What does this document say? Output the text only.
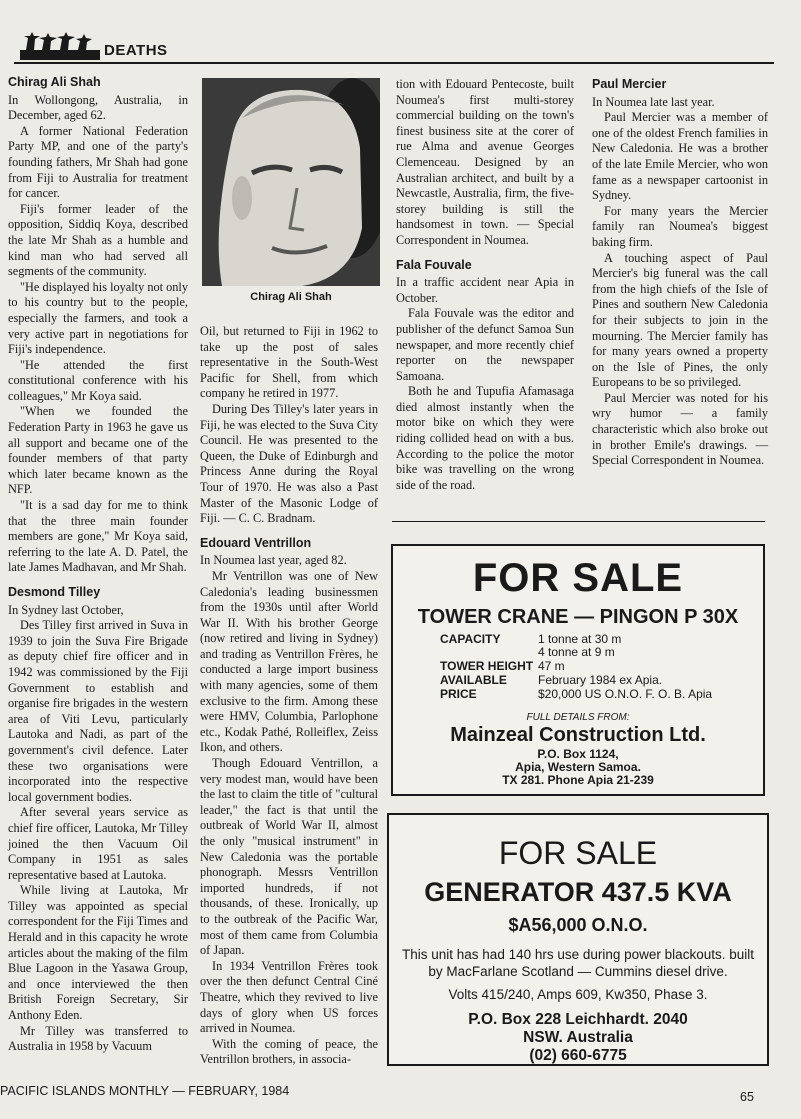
DEATHS
Chirag Ali Shah

In Wollongong, Australia, in December, aged 62.

A former National Federation Party MP, and one of the party's founding fathers, Mr Shah had gone from Fiji to Australia for treatment for cancer.

Fiji's former leader of the opposition, Siddiq Koya, described the late Mr Shah as a humble and kind man who had served all segments of the community.

"He displayed his loyalty not only to his country but to the people, especially the farmers, and took a very active part in negotiations for Fiji's independence.

"He attended the first constitutional conference with his colleagues," Mr Koya said.

"When we founded the Federation Party in 1963 he gave us all support and became one of the founder members of that party which later became known as the NFP.

"It is a sad day for me to think that the three main founder members are gone," Mr Koya said, referring to the late A. D. Patel, the late James Madhavan, and Mr Shah.

Desmond Tilley

In Sydney last October,

Des Tilley first arrived in Suva in 1939 to join the Suva Fire Brigade as deputy chief fire officer and in 1942 was commissioned by the Fiji Government to establish and organise fire brigades in the western area of Viti Levu, particularly Lautoka and Nadi, as part of the government's civil defence. Later these two organisations were incorporated into the respective local government bodies.

After several years service as chief fire officer, Lautoka, Mr Tilley joined the then Vacuum Oil Company in 1951 as sales representative based at Lautoka.

While living at Lautoka, Mr Tilley was appointed as special correspondent for the Fiji Times and Herald and in this capacity he wrote articles about the making of the film Blue Lagoon in the Yasawa Group, and once interviewed the then British Foreign Secretary, Sir Anthony Eden.

Mr Tilley was transferred to Australia in 1958 by Vacuum

Chirag Ali Shah

Oil, but returned to Fiji in 1962 to take up the post of sales representative in the South-West Pacific for Shell, from which company he retired in 1977.

During Des Tilley's later years in Fiji, he was elected to the Suva City Council. He was presented to the Queen, the Duke of Edinburgh and Princess Anne during the Royal Tour of 1970. He was also a Past Master of the Masonic Lodge of Fiji. — C. C. Bradnam.

Edouard Ventrillon

In Noumea last year, aged 82.

Mr Ventrillon was one of New Caledonia's leading businessmen from the 1930s until after World War II. With his brother George (now retired and living in Sydney) and trading as Ventrillon Frères, he conducted a large import business with many agencies, some of them exclusive to the firm. Among these were HMV, Columbia, Parlophone etc., Kodak Pathé, Rolleiflex, Zeiss Ikon, and others.

Though Edouard Ventrillon, a very modest man, would have been the last to claim the title of "cultural leader," the fact is that until the outbreak of World War II, almost the only "musical instrument" in New Caledonia was the portable phonograph. Messrs Ventrillon imported hundreds, if not thousands, of these. Ironically, up to the outbreak of the Pacific War, most of them came from Columbia of Japan.

In 1934 Ventrillon Frères took over the then defunct Central Ciné Theatre, which they revived to live days of glory when US forces arrived in Noumea.

With the coming of peace, the Ventrillon brothers, in associa-

tion with Edouard Pentecoste, built Noumea's first multi-storey commercial building on the town's finest business site at the corer of rue Alma and avenue Georges Clemenceau. Designed by an Australian architect, and built by a Newcastle, Australia, firm, the five-storey building is still the handsomest in town. — Special Correspondent in Noumea.

Fala Fouvale

In a traffic accident near Apia in October.

Fala Fouvale was the editor and publisher of the defunct Samoa Sun newspaper, and more recently chief reporter on the newspaper Samoana.

Both he and Tupufia Afamasaga died almost instantly when the motor bike on which they were riding collided head on with a bus. According to the police the motor bike was travelling on the wrong side of the road.

Paul Mercier

In Noumea late last year.

Paul Mercier was a member of one of the oldest French families in New Caledonia. He was a brother of the late Emile Mercier, who won fame as a newspaper cartoonist in Sydney.

For many years the Mercier family ran Noumea's biggest baking firm.

A touching aspect of Paul Mercier's big funeral was the call from the high chiefs of the Isle of Pines and southern New Caledonia for their subjects to join in the mourning. The Mercier family has for many years owned a property on the Isle of Pines, the only Europeans to be so privileged.

Paul Mercier was noted for his wry humor — a family characteristic which also broke out in brother Emile's drawings. — Special Correspondent in Noumea.

FOR SALE
TOWER CRANE — PINGON P 30X
CAPACITY	1 tonne at 30 m
4 tonne at 9 m
TOWER HEIGHT 47 m
AVAILABLE	February 1984 ex Apia.
PRICE	$20,000 US O.N.O. F. O. B. Apia
FULL DETAILS FROM:
Mainzeal Construction Ltd.
P.O. Box 1124,
Apia, Western Samoa.
TX 281. Phone Apia 21-239
FOR SALE
GENERATOR 437.5 KVA
$A56,000 O.N.O.
This unit has had 140 hrs use during power blackouts. built by MacFarlane Scotland — Cummins diesel drive.
Volts 415/240, Amps 609, Kw350, Phase 3.
P.O. Box 228 Leichhardt. 2040
NSW. Australia
(02) 660-6775
PACIFIC ISLANDS MONTHLY — FEBRUARY, 1984	65
